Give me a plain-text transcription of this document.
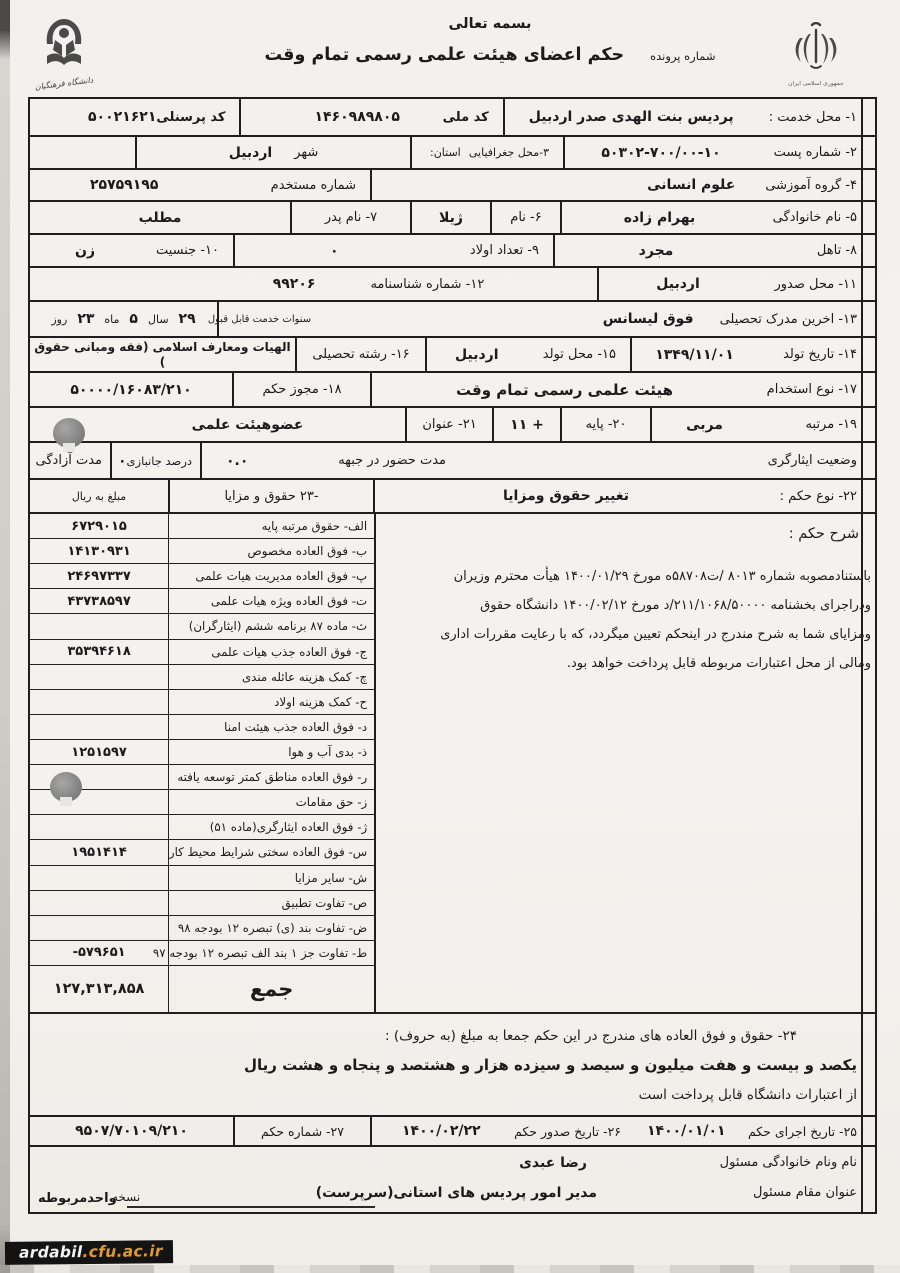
جمهوری اسلامی ایران
دانشگاه فرهنگیان
بسمه تعالی
شماره پرونده
حکم اعضای هیئت علمی رسمی تمام وقت
۱- محل خدمت :
پردیس بنت الهدی صدر اردبیل
کد ملی
۱۴۶۰۹۸۹۸۰۵
کد پرسنلی
۵۰۰۲۱۶۲۱
۲- شماره پست
۵۰۳۰۲-۷۰۰/۰۰-۱۰
۳-محل جغرافیایی
استان:
شهر
اردبیل
۴- گروه آموزشی
علوم انسانی
شماره مستخدم
۲۵۷۵۹۱۹۵
۵- نام خانوادگی
بهرام زاده
۶- نام
ژیلا
۷- نام پدر
مطلب
۸- تاهل
مجرد
۹- تعداد اولاد
۰
۱۰- جنسیت
زن
۱۱- محل صدور
اردبیل
۱۲- شماره شناسنامه
۹۹۲۰۶
۱۳- اخرین مدرک تحصیلی
فوق لیسانس
سنوات خدمت قابل قبول
۲۹
سال
۵
ماه
۲۳
روز
۱۴- تاریخ تولد
۱۳۴۹/۱۱/۰۱
۱۵- محل تولد
اردبیل
۱۶- رشته تحصیلی
الهیات ومعارف اسلامی (فقه ومبانی حقوق )
۱۷- نوع استخدام
هیئت علمی رسمی تمام وقت
۱۸- مجوز حکم
۵۰۰۰۰/۱۶۰۸۳/۲۱۰
۱۹- مرتبه
مربی
۲۰- پایه
۱۱ +
۲۱- عنوان
عضوهیئت علمی
وضعیت ایثارگری
مدت حضور در جبهه
۰.۰
درصد جانبازی
۰
مدت آزادگی
۲۲- نوع حکم :
تغییر حقوق ومزایا
-۲۳ حقوق و مزایا
مبلغ به ریال
شرح حکم :
الف- حقوق مرتبه پایه
۶۷۲۹۰۱۵
ب- فوق العاده مخصوص
۱۴۱۳۰۹۳۱
پ- فوق العاده مدیریت هیات علمی
۲۴۶۹۷۳۳۷
ت- فوق العاده ویژه هیات علمی
۴۳۷۳۸۵۹۷
ث- ماده ۸۷ برنامه ششم (ایثارگران)
ج- فوق العاده جذب هیات علمی
۳۵۳۹۴۶۱۸
چ- کمک هزینه عائله مندی
ح- کمک هزینه اولاد
د- فوق العاده جذب هیئت امنا
ذ- بدی آب و هوا
۱۲۵۱۵۹۷
ر- فوق العاده مناطق کمتر توسعه یافته
ز- حق مقامات
ژ- فوق العاده ایثارگری(ماده ۵۱)
س- فوق العاده سختی شرایط محیط کار
۱۹۵۱۴۱۴
ش- سایر مزایا
ص- تفاوت تطبیق
ض- تفاوت بند (ی) تبصره ۱۲ بودجه ۹۸
ط- تفاوت جز ۱ بند الف تبصره ۱۲ بودجه ۹۷
-۵۷۹۶۵۱
جمع
۱۲۷,۳۱۳,۸۵۸
باستنادمصوبه شماره ۸۰۱۳ /ت۵۸۷۰۸ه مورخ ۱۴۰۰/۰۱/۲۹ هیأت محترم وزیران
ودراجرای بخشنامه ۲۱۱/۱۰۶۸/۵۰۰۰۰/د مورخ ۱۴۰۰/۰۲/۱۲ دانشگاه حقوق
ومزایای شما به شرح مندرج در اینحکم تعیین میگردد، که با رعایت مقررات اداری
ومالی از محل اعتبارات مربوطه قابل پرداخت خواهد بود.
۲۴- حقوق و فوق العاده های مندرج در این حکم جمعا به مبلغ (به حروف) :
یکصد و بیست و هفت میلیون و سیصد و سیزده هزار و هشتصد و پنجاه و هشت ریال
از اعتبارات دانشگاه قابل پرداخت است
۲۵- تاریخ اجرای حکم
۱۴۰۰/۰۱/۰۱
۲۶- تاریخ صدور حکم
۱۴۰۰/۰۲/۲۲
۲۷- شماره حکم
۹۵۰۷/۷۰۱۰۹/۲۱۰
نام ونام خانوادگی مسئول
رضا عبدی
عنوان مقام مسئول
مدیر امور پردیس های استانی(سرپرست)
نسخه
واحدمربوطه
ardabil.cfu.ac.ir
